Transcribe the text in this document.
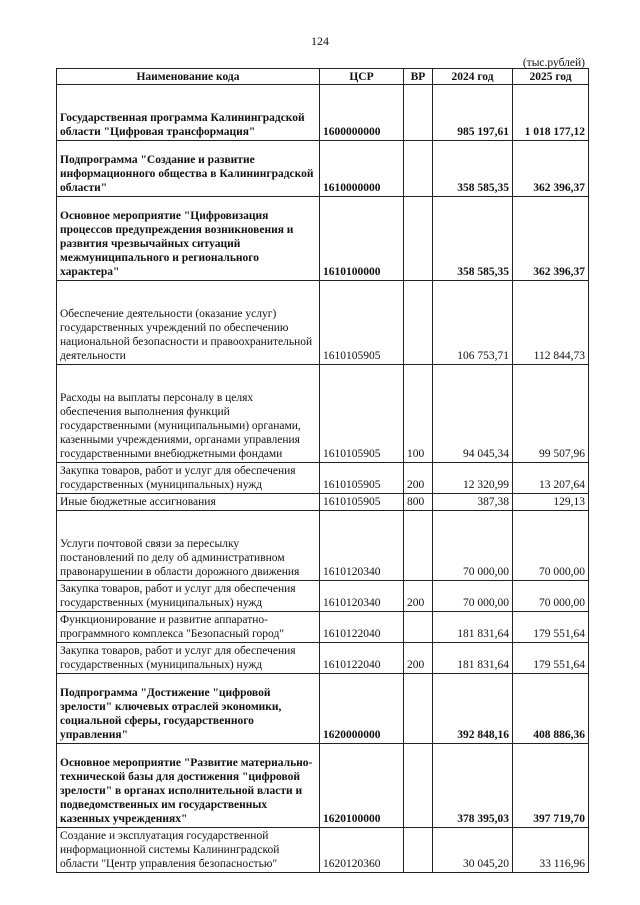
124
(тыс.рублей)
Наименование кода	ЦСР	ВР	2024 год	2025 год
Государственная программа Калининградской области "Цифровая трансформация"	1600000000		985 197,61	1 018 177,12
Подпрограмма "Создание и развитие информационного общества в Калининградской области"	1610000000		358 585,35	362 396,37
Основное мероприятие "Цифровизация процессов предупреждения возникновения и развития чрезвычайных ситуаций межмуниципального и регионального характера"	1610100000		358 585,35	362 396,37
Обеспечение деятельности (оказание услуг) государственных учреждений по обеспечению национальной безопасности и правоохранительной деятельности	1610105905		106 753,71	112 844,73
Расходы на выплаты персоналу в целях обеспечения выполнения функций государственными (муниципальными) органами, казенными учреждениями, органами управления государственными внебюджетными фондами	1610105905	100	94 045,34	99 507,96
Закупка товаров, работ и услуг для обеспечения государственных (муниципальных) нужд	1610105905	200	12 320,99	13 207,64
Иные бюджетные ассигнования	1610105905	800	387,38	129,13
Услуги почтовой связи за пересылку постановлений по делу об административном правонарушении в области дорожного движения	1610120340		70 000,00	70 000,00
Закупка товаров, работ и услуг для обеспечения государственных (муниципальных) нужд	1610120340	200	70 000,00	70 000,00
Функционирование и развитие аппаратно-программного комплекса "Безопасный город"	1610122040		181 831,64	179 551,64
Закупка товаров, работ и услуг для обеспечения государственных (муниципальных) нужд	1610122040	200	181 831,64	179 551,64
Подпрограмма "Достижение "цифровой зрелости" ключевых отраслей экономики, социальной сферы, государственного управления"	1620000000		392 848,16	408 886,36
Основное мероприятие "Развитие материально-технической базы для достижения "цифровой зрелости" в органах исполнительной власти и подведомственных им государственных казенных учреждениях"	1620100000		378 395,03	397 719,70
Создание и эксплуатация государственной информационной системы Калининградской области "Центр управления безопасностью"	1620120360		30 045,20	33 116,96
